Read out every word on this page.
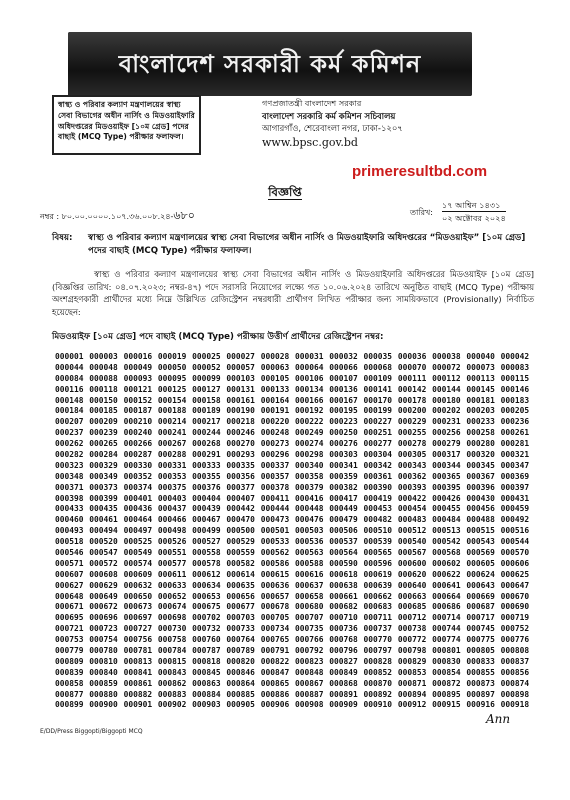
বাংলাদেশ সরকারী কর্ম কমিশন
স্বাস্থ্য ও পরিবার কল্যাণ মন্ত্রণালয়ের স্বাস্থ্য সেবা বিভাগের অধীন নার্সিং ও মিডওয়াইফারি অধিদপ্তরের মিডওয়াইফ [১০ম গ্রেড] পদের বাছাই (MCQ Type) পরীক্ষার ফলাফল।
গণপ্রজাতন্ত্রী বাংলাদেশ সরকার
বাংলাদেশ সরকারি কর্ম কমিশন সচিবালয়
আগারগাঁও, শেরেবাংলা নগর, ঢাকা-১২০৭
www.bpsc.gov.bd
primeresultbd.com
বিজ্ঞপ্তি
নম্বর : ৮০.০০.০০০০.১০৭.৩৬.০০৮.২৪-৬৮০	তারিখ:
১৭ আশ্বিন ১৪৩১
০২ অক্টোবর ২০২৪
বিষয়: স্বাস্থ্য ও পরিবার কল্যাণ মন্ত্রণালয়ের স্বাস্থ্য সেবা বিভাগের অধীন নার্সিং ও মিডওয়াইফারি অধিদপ্তরের “মিডওয়াইফ” [১০ম গ্রেড] পদের বাছাই (MCQ Type) পরীক্ষার ফলাফল।
স্বাস্থ্য ও পরিবার কল্যাণ মন্ত্রণালয়ের স্বাস্থ্য সেবা বিভাগের অধীন নার্সিং ও মিডওয়াইফারি অধিদপ্তরের মিডওয়াইফ [১০ম গ্রেড] (বিজ্ঞপ্তির তারিখ: ০৪.০৭.২০২৩; নম্বর-৪৭) পদে সরাসরি নিয়োগের লক্ষ্যে গত ১০.০৬.২০২৪ তারিখে অনুষ্ঠিত বাছাই (MCQ Type) পরীক্ষায় অংশগ্রহণকারী প্রার্থীদের মধ্যে নিম্নে উল্লিখিত রেজিস্ট্রেশন নম্বরধারী প্রার্থীগণ লিখিত পরীক্ষার জন্য সাময়িকভাবে (Provisionally) নির্বাচিত হয়েছেন:
মিডওয়াইফ [১০ম গ্রেড] পদে বাছাই (MCQ Type) পরীক্ষায় উত্তীর্ণ প্রার্থীদের রেজিস্ট্রেশন নম্বর:
000001	000003	000016	000019	000025	000027	000028	000031	000032	000035	000036	000038	000040	000042
000044	000048	000049	000050	000052	000057	000063	000064	000066	000068	000070	000072	000073	000083
000084	000088	000093	000095	000099	000103	000105	000106	000107	000109	000111	000112	000113	000115
000116	000118	000121	000125	000127	000131	000133	000134	000136	000141	000142	000144	000145	000146
000148	000150	000152	000154	000158	000161	000164	000166	000167	000170	000178	000180	000181	000183
000184	000185	000187	000188	000189	000190	000191	000192	000195	000199	000200	000202	000203	000205
000207	000209	000210	000214	000217	000218	000220	000222	000223	000227	000229	000231	000233	000236
000237	000239	000240	000241	000244	000246	000248	000249	000250	000251	000255	000256	000258	000261
000262	000265	000266	000267	000268	000270	000273	000274	000276	000277	000278	000279	000280	000281
000282	000284	000287	000288	000291	000293	000296	000298	000303	000304	000305	000317	000320	000321
000323	000329	000330	000331	000333	000335	000337	000340	000341	000342	000343	000344	000345	000347
000348	000349	000352	000353	000355	000356	000357	000358	000359	000361	000362	000365	000367	000369
000371	000373	000374	000375	000376	000377	000378	000379	000382	000390	000393	000395	000396	000397
000398	000399	000401	000403	000404	000407	000411	000416	000417	000419	000422	000426	000430	000431
000433	000435	000436	000437	000439	000442	000444	000448	000449	000453	000454	000455	000456	000459
000460	000461	000464	000466	000467	000470	000473	000476	000479	000482	000483	000484	000488	000492
000493	000494	000497	000498	000499	000500	000501	000503	000506	000510	000512	000513	000515	000516
000518	000520	000525	000526	000527	000529	000533	000536	000537	000539	000540	000542	000543	000544
000546	000547	000549	000551	000558	000559	000562	000563	000564	000565	000567	000568	000569	000570
000571	000572	000574	000577	000578	000582	000586	000588	000590	000596	000600	000602	000605	000606
000607	000608	000609	000611	000612	000614	000615	000616	000618	000619	000620	000622	000624	000625
000627	000629	000632	000633	000634	000635	000636	000637	000638	000639	000640	000641	000643	000647
000648	000649	000650	000652	000653	000656	000657	000658	000661	000662	000663	000664	000669	000670
000671	000672	000673	000674	000675	000677	000678	000680	000682	000683	000685	000686	000687	000690
000695	000696	000697	000698	000702	000703	000705	000707	000710	000711	000712	000714	000717	000719
000721	000723	000727	000730	000732	000733	000734	000735	000736	000737	000738	000744	000745	000752
000753	000754	000756	000758	000760	000764	000765	000766	000768	000770	000772	000774	000775	000776
000779	000780	000781	000784	000787	000789	000791	000792	000796	000797	000798	000801	000805	000808
000809	000810	000813	000815	000818	000820	000822	000823	000827	000828	000829	000830	000833	000837
000839	000840	000841	000843	000845	000846	000847	000848	000849	000852	000853	000854	000855	000856
000858	000859	000861	000862	000863	000864	000865	000867	000868	000870	000871	000872	000873	000874
000877	000880	000882	000883	000884	000885	000886	000887	000891	000892	000894	000895	000897	000898
000899	000900	000901	000902	000903	000905	000906	000908	000909	000910	000912	000915	000916	000918
Ann
E/DD/Press Biggopti/Biggopti MCQ
